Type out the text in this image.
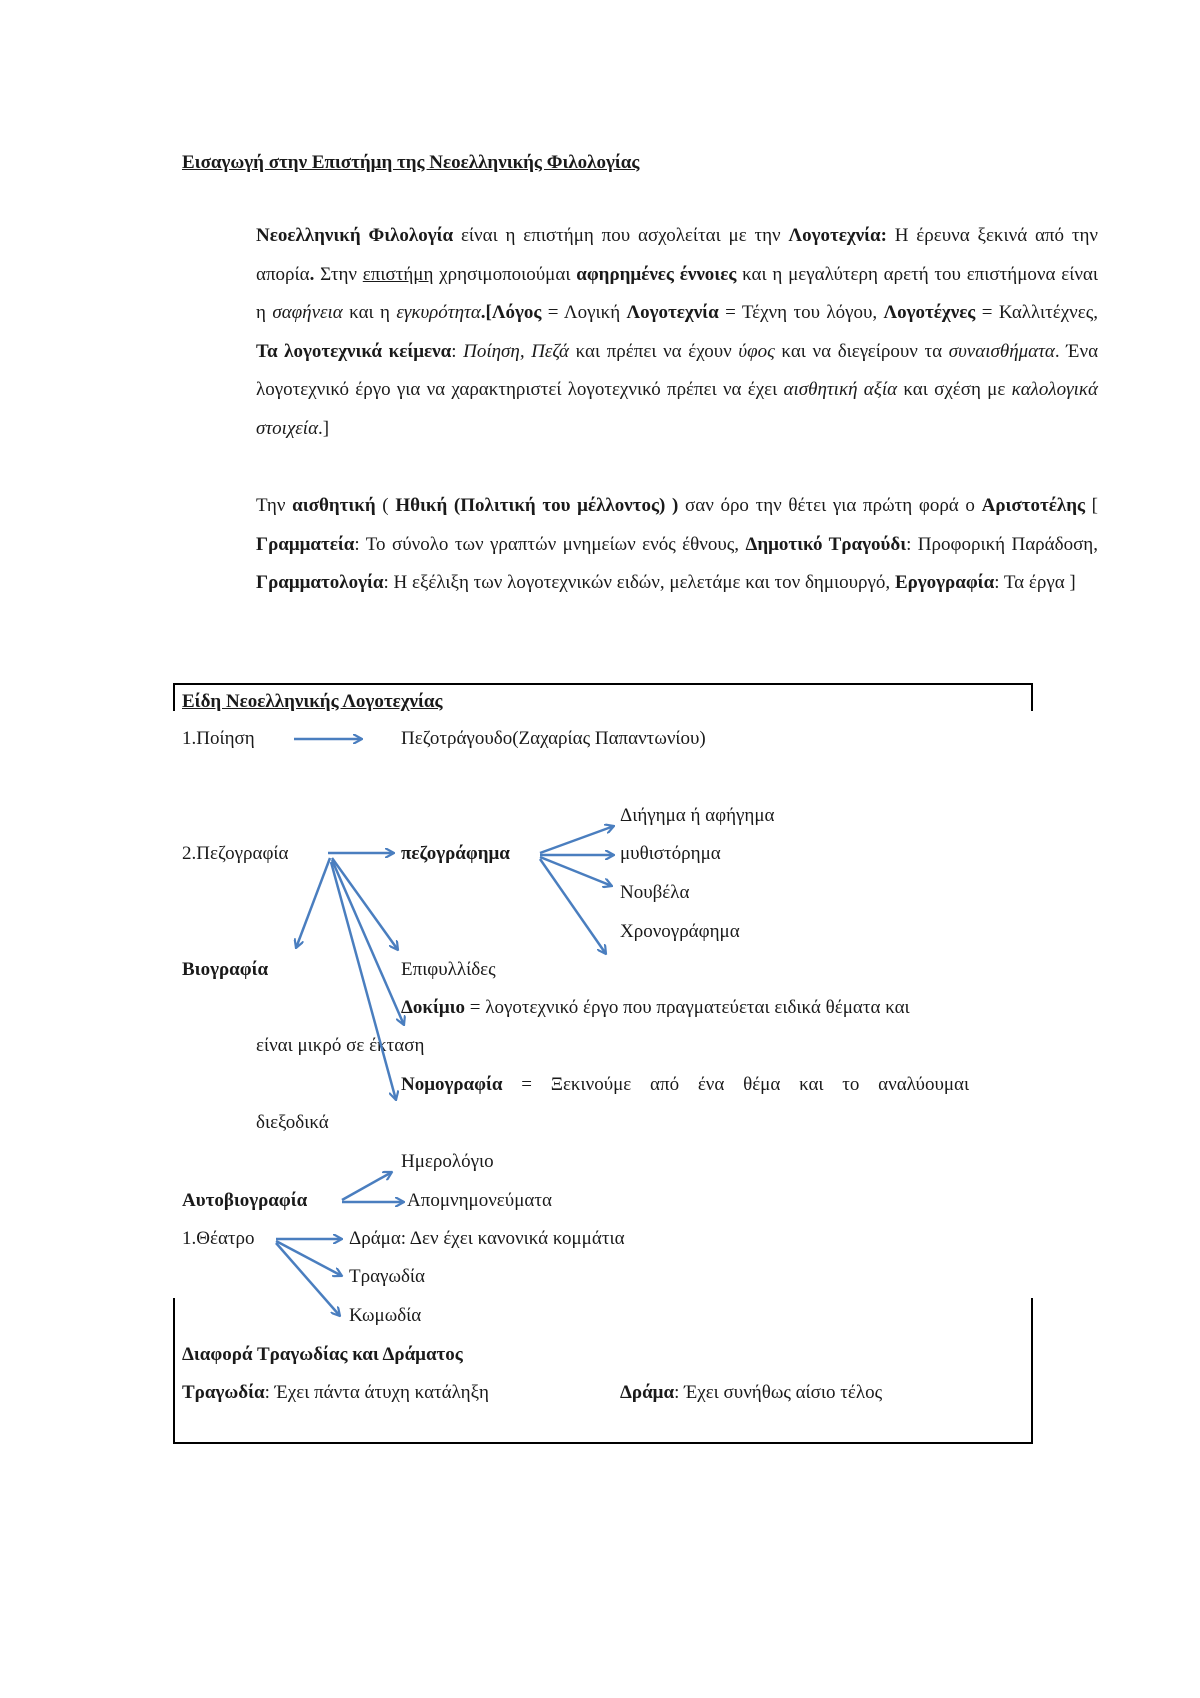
Εισαγωγή στην Επιστήμη της Νεοελληνικής Φιλολογίας
Νεοελληνική Φιλολογία είναι η επιστήμη που ασχολείται με την Λογοτεχνία: Η έρευνα ξεκινά από την απορία. Στην επιστήμη χρησιμοποιούμαι αφηρημένες έννοιες και η μεγαλύτερη αρετή του επιστήμονα είναι η σαφήνεια και η εγκυρότητα.[Λόγος = Λογική Λογοτεχνία = Τέχνη του λόγου, Λογοτέχνες = Καλλιτέχνες, Τα λογοτεχνικά κείμενα: Ποίηση, Πεζά και πρέπει να έχουν ύφος και να διεγείρουν τα συναισθήματα. Ένα λογοτεχνικό έργο για να χαρακτηριστεί λογοτεχνικό πρέπει να έχει αισθητική αξία και σχέση με καλολογικά στοιχεία.]
Την αισθητική ( Ηθική (Πολιτική του μέλλοντος) ) σαν όρο την θέτει για πρώτη φορά ο Αριστοτέλης [ Γραμματεία: Το σύνολο των γραπτών μνημείων ενός έθνους, Δημοτικό Τραγούδι: Προφορική Παράδοση, Γραμματολογία: Η εξέλιξη των λογοτεχνικών ειδών, μελετάμε και τον δημιουργό, Εργογραφία: Τα έργα ]
Είδη Νεοελληνικής Λογοτεχνίας
1.Ποίηση	Πεζοτράγουδο(Ζαχαρίας Παπαντωνίου)
Διήγημα ή αφήγημα
2.Πεζογραφία	πεζογράφημα	μυθιστόρημα
Νουβέλα
Χρονογράφημα
Βιογραφία	Επιφυλλίδες
Δοκίμιο = λογοτεχνικό έργο που πραγματεύεται ειδικά θέματα και
είναι μικρό σε έκταση
Νομογραφία = Ξεκινούμε από ένα θέμα και το αναλύουμαι
διεξοδικά
Ημερολόγιο
Αυτοβιογραφία	Απομνημονεύματα
1.Θέατρο	Δράμα: Δεν έχει κανονικά κομμάτια
Τραγωδία
Κωμωδία
Διαφορά Τραγωδίας και Δράματος
Τραγωδία: Έχει πάντα άτυχη κατάληξη	Δράμα: Έχει συνήθως αίσιο τέλος
